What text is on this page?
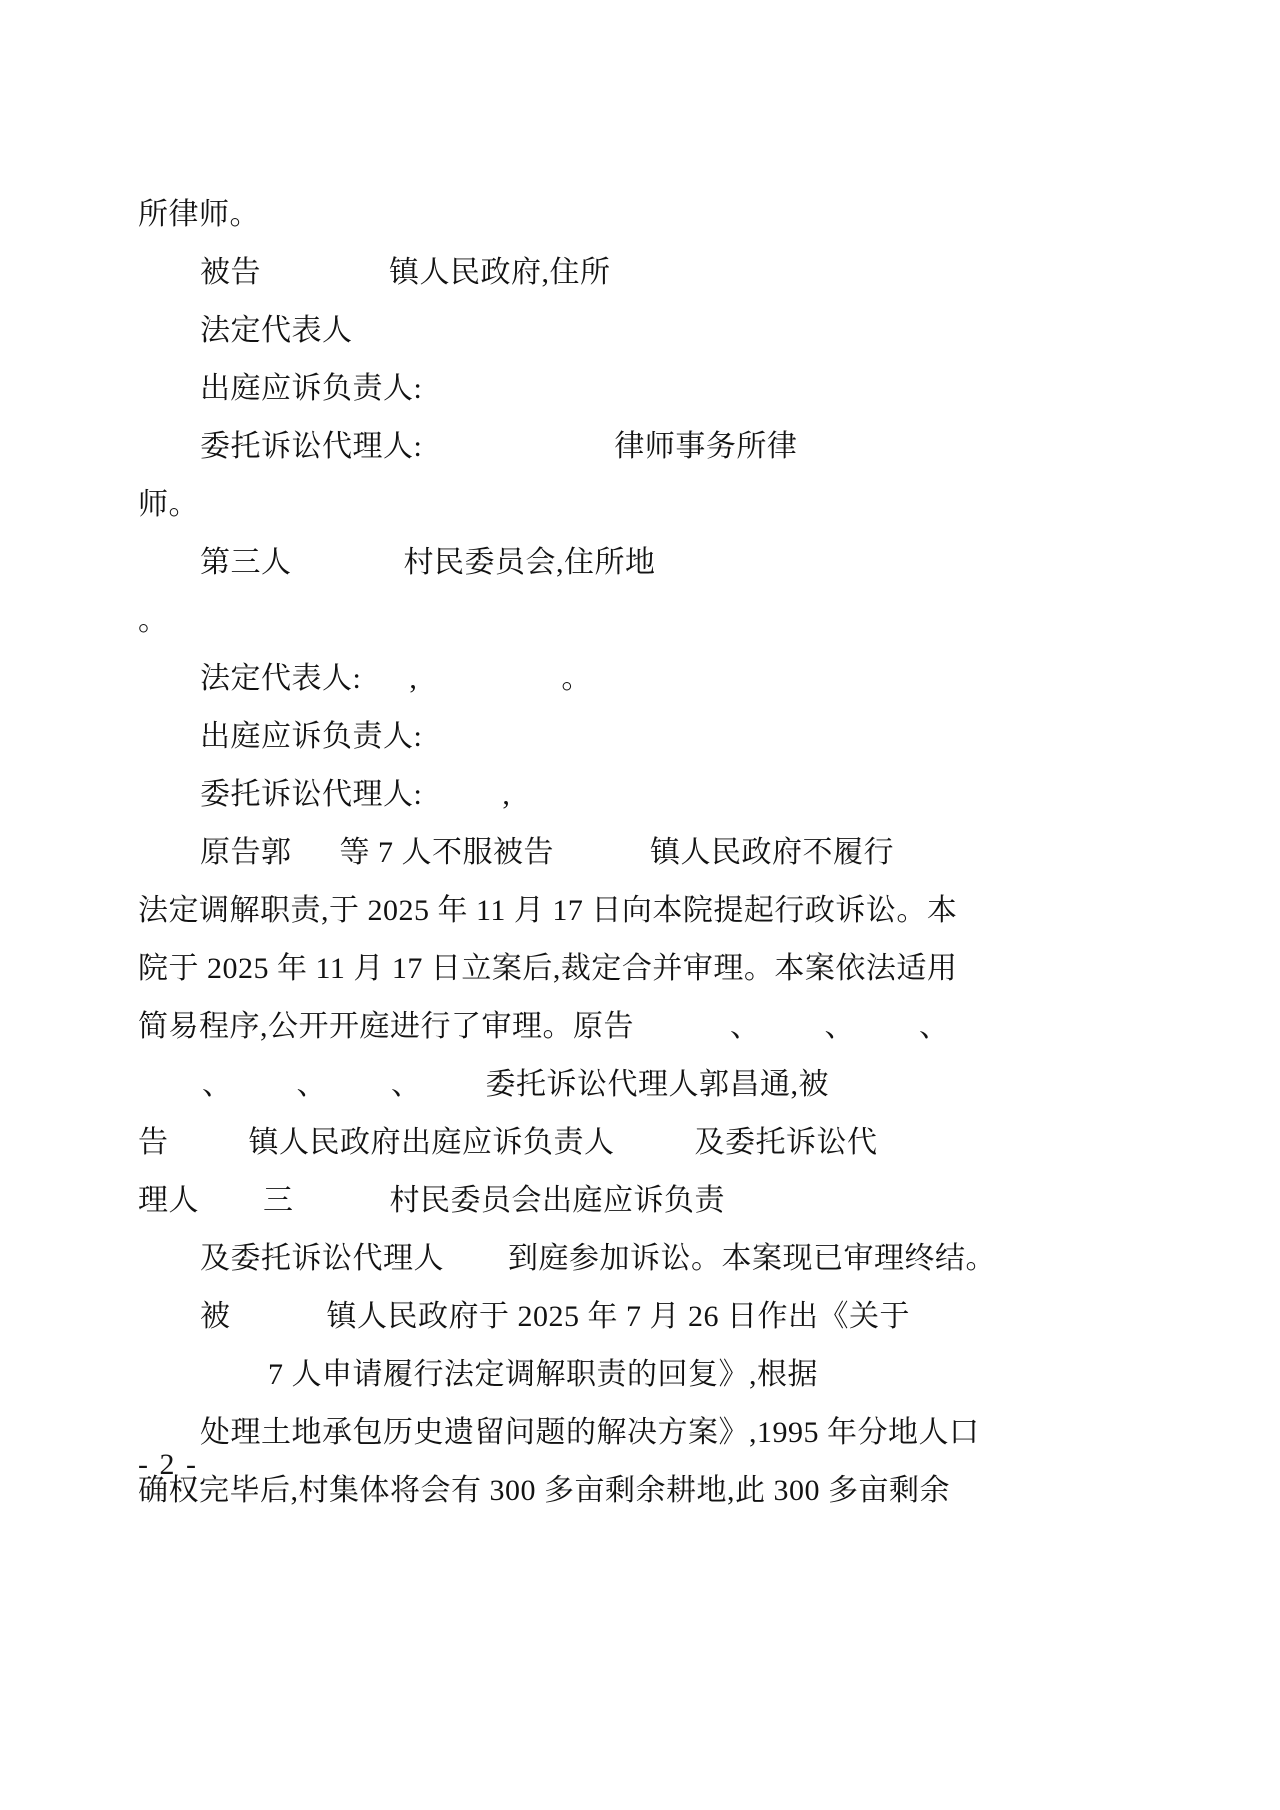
所律师。
被告                镇人民政府,住所
法定代表人
出庭应诉负责人:
委托诉讼代理人:                        律师事务所律
师。
第三人              村民委员会,住所地
。
法定代表人:      ,                  。
出庭应诉负责人:
委托诉讼代理人:          ,
原告郭      等 7 人不服被告            镇人民政府不履行
法定调解职责,于 2025 年 11 月 17 日向本院提起行政诉讼。本
院于 2025 年 11 月 17 日立案后,裁定合并审理。本案依法适用
简易程序,公开开庭进行了审理。原告            、        、        、
、        、        、        委托诉讼代理人郭昌通,被
告          镇人民政府出庭应诉负责人          及委托诉讼代
理人        三            村民委员会出庭应诉负责
及委托诉讼代理人        到庭参加诉讼。本案现已审理终结。
被            镇人民政府于 2025 年 7 月 26 日作出《关于
7 人申请履行法定调解职责的回复》,根据
处理土地承包历史遗留问题的解决方案》,1995 年分地人口
确权完毕后,村集体将会有 300 多亩剩余耕地,此 300 多亩剩余
- 2 -
